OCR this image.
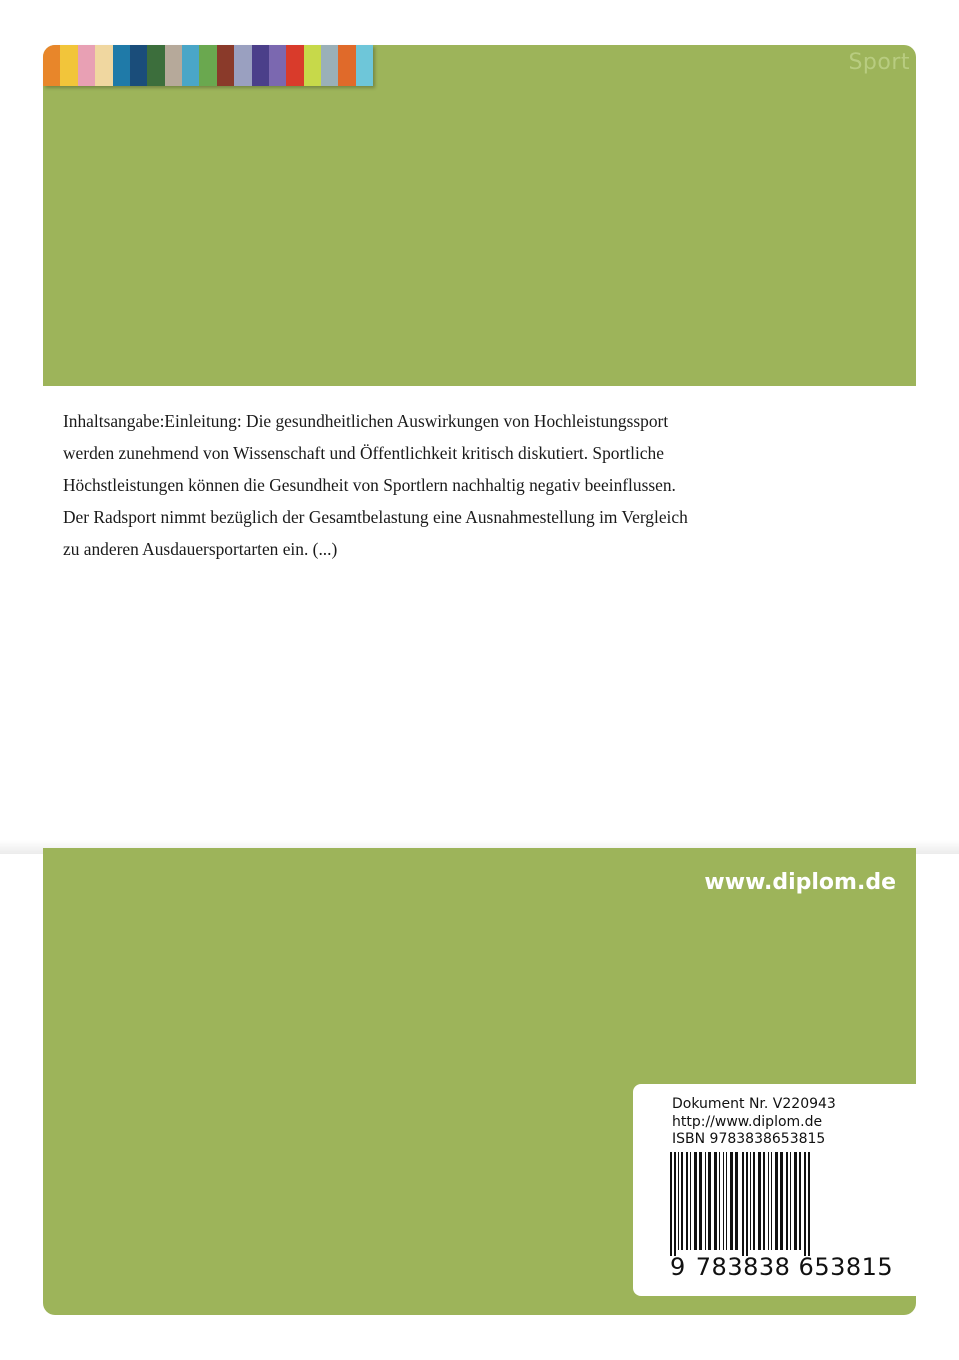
Sport
Inhaltsangabe:Einleitung: Die gesundheitlichen Auswirkungen von Hochleistungssport
werden zunehmend von Wissenschaft und Öffentlichkeit kritisch diskutiert. Sportliche
Höchstleistungen können die Gesundheit von Sportlern nachhaltig negativ beeinflussen.
Der Radsport nimmt bezüglich der Gesamtbelastung eine Ausnahmestellung im Vergleich
zu anderen Ausdauersportarten ein. (...)
www.diplom.de
Dokument Nr. V220943
http://www.diplom.de
ISBN 9783838653815
9 783838 653815
